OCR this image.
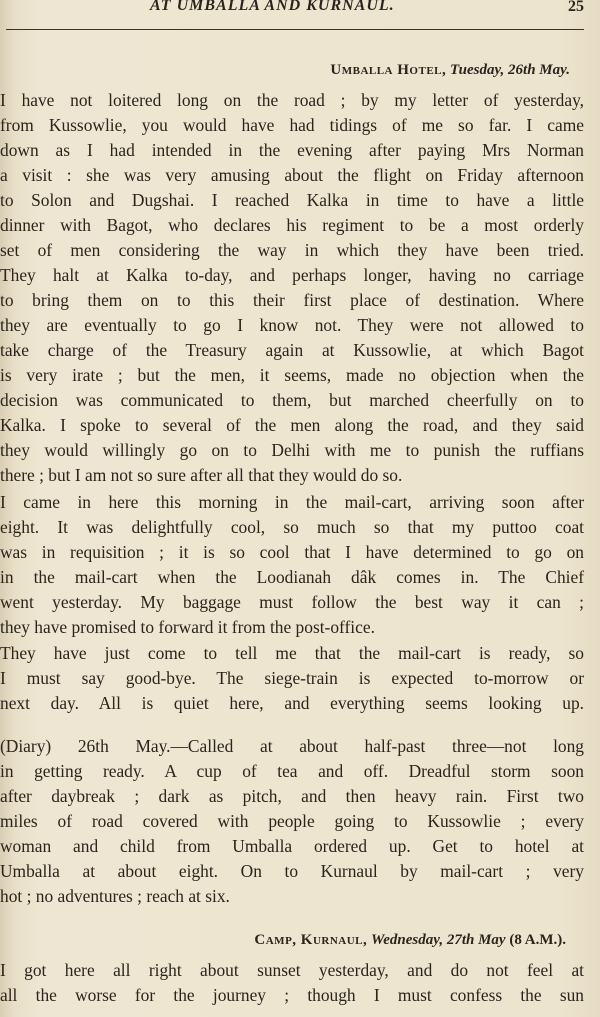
AT UMBALLA AND KURNAUL.	25
Umballa Hotel, Tuesday, 26th May.
I have not loitered long on the road ; by my letter of yesterday,
from Kussowlie, you would have had tidings of me so far. I came
down as I had intended in the evening after paying Mrs Norman
a visit : she was very amusing about the flight on Friday afternoon
to Solon and Dugshai. I reached Kalka in time to have a little
dinner with Bagot, who declares his regiment to be a most orderly
set of men considering the way in which they have been tried.
They halt at Kalka to-day, and perhaps longer, having no carriage
to bring them on to this their first place of destination. Where
they are eventually to go I know not. They were not allowed to
take charge of the Treasury again at Kussowlie, at which Bagot
is very irate ; but the men, it seems, made no objection when the
decision was communicated to them, but marched cheerfully on to
Kalka. I spoke to several of the men along the road, and they said
they would willingly go on to Delhi with me to punish the ruffians
there ; but I am not so sure after all that they would do so.
I came in here this morning in the mail-cart, arriving soon after
eight. It was delightfully cool, so much so that my puttoo coat
was in requisition ; it is so cool that I have determined to go on
in the mail-cart when the Loodianah dâk comes in. The Chief
went yesterday. My baggage must follow the best way it can ;
they have promised to forward it from the post-office.
They have just come to tell me that the mail-cart is ready, so
I must say good-bye. The siege-train is expected to-morrow or
next day. All is quiet here, and everything seems looking up.
(Diary) 26th May.—Called at about half-past three—not long
in getting ready. A cup of tea and off. Dreadful storm soon
after daybreak ; dark as pitch, and then heavy rain. First two
miles of road covered with people going to Kussowlie ; every
woman and child from Umballa ordered up. Get to hotel at
Umballa at about eight. On to Kurnaul by mail-cart ; very
hot ; no adventures ; reach at six.
Camp, Kurnaul, Wednesday, 27th May (8 A.M.).
I got here all right about sunset yesterday, and do not feel at
all the worse for the journey ; though I must confess the sun
